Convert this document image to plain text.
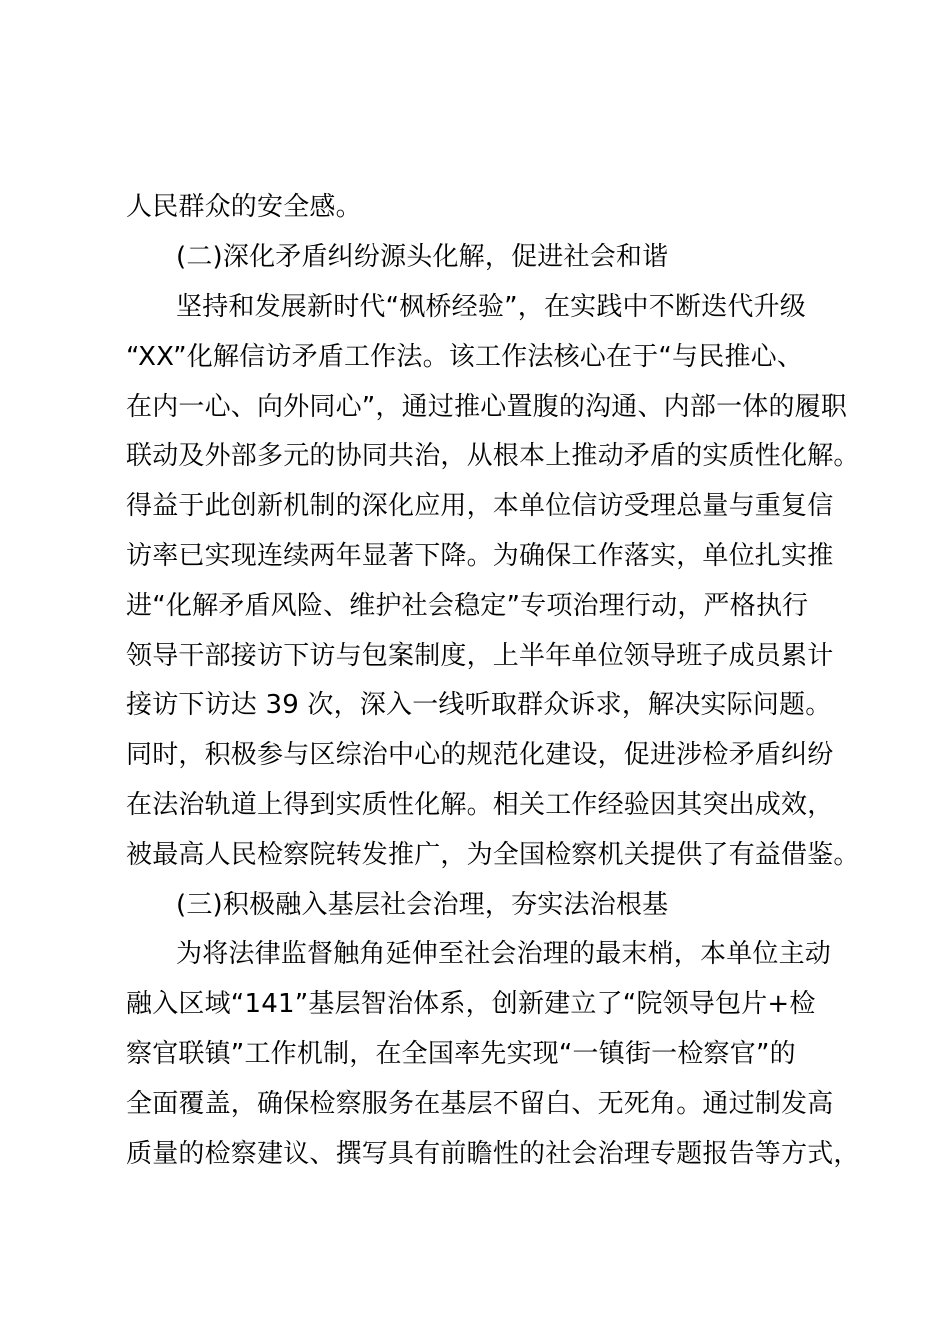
人民群众的安全感。
(二)深化矛盾纠纷源头化解，促进社会和谐
坚持和发展新时代“枫桥经验”，在实践中不断迭代升级
“XX”化解信访矛盾工作法。该工作法核心在于“与民推心、
在内一心、向外同心”，通过推心置腹的沟通、内部一体的履职
联动及外部多元的协同共治，从根本上推动矛盾的实质性化解。
得益于此创新机制的深化应用，本单位信访受理总量与重复信
访率已实现连续两年显著下降。为确保工作落实，单位扎实推
进“化解矛盾风险、维护社会稳定”专项治理行动，严格执行
领导干部接访下访与包案制度，上半年单位领导班子成员累计
接访下访达 39 次，深入一线听取群众诉求，解决实际问题。
同时，积极参与区综治中心的规范化建设，促进涉检矛盾纠纷
在法治轨道上得到实质性化解。相关工作经验因其突出成效，
被最高人民检察院转发推广，为全国检察机关提供了有益借鉴。
(三)积极融入基层社会治理，夯实法治根基
为将法律监督触角延伸至社会治理的最末梢，本单位主动
融入区域“141”基层智治体系，创新建立了“院领导包片+检
察官联镇”工作机制，在全国率先实现“一镇街一检察官”的
全面覆盖，确保检察服务在基层不留白、无死角。通过制发高
质量的检察建议、撰写具有前瞻性的社会治理专题报告等方式，
